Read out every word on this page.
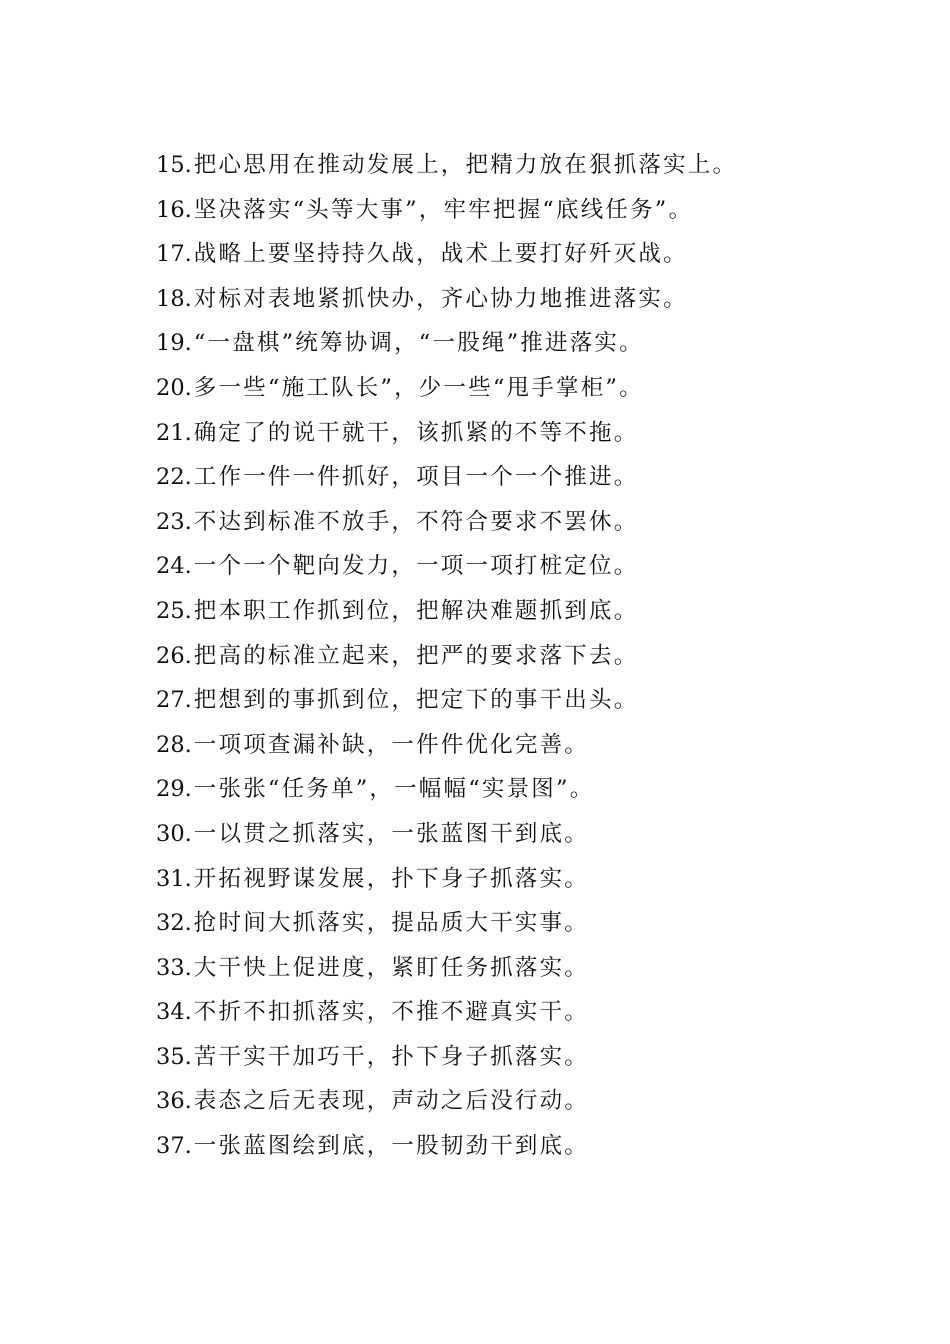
15.把心思用在推动发展上，把精力放在狠抓落实上。
16.坚决落实“头等大事”，牢牢把握“底线任务”。
17.战略上要坚持持久战，战术上要打好歼灭战。
18.对标对表地紧抓快办，齐心协力地推进落实。
19.“一盘棋”统筹协调，“一股绳”推进落实。
20.多一些“施工队长”，少一些“甩手掌柜”。
21.确定了的说干就干，该抓紧的不等不拖。
22.工作一件一件抓好，项目一个一个推进。
23.不达到标准不放手，不符合要求不罢休。
24.一个一个靶向发力，一项一项打桩定位。
25.把本职工作抓到位，把解决难题抓到底。
26.把高的标准立起来，把严的要求落下去。
27.把想到的事抓到位，把定下的事干出头。
28.一项项查漏补缺，一件件优化完善。
29.一张张“任务单”，一幅幅“实景图”。
30.一以贯之抓落实，一张蓝图干到底。
31.开拓视野谋发展，扑下身子抓落实。
32.抢时间大抓落实，提品质大干实事。
33.大干快上促进度，紧盯任务抓落实。
34.不折不扣抓落实，不推不避真实干。
35.苦干实干加巧干，扑下身子抓落实。
36.表态之后无表现，声动之后没行动。
37.一张蓝图绘到底，一股韧劲干到底。
